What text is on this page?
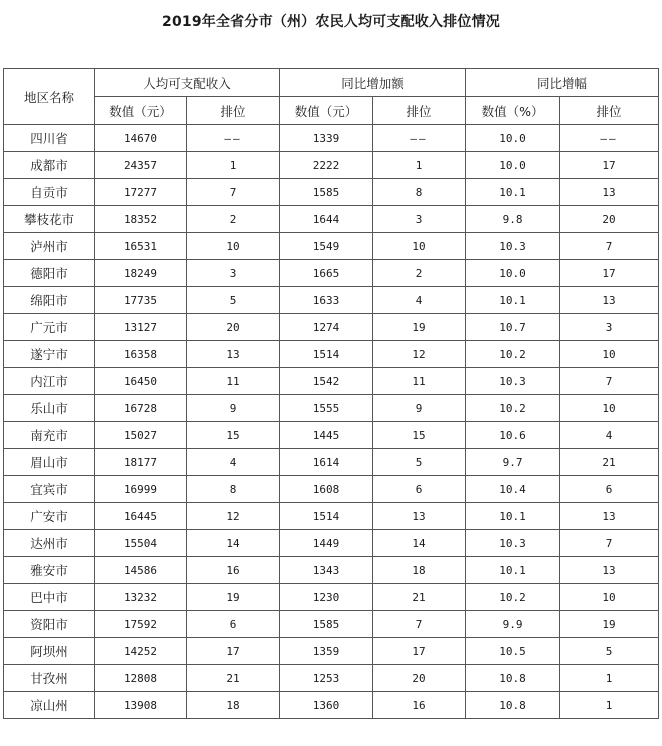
2019年全省分市（州）农民人均可支配收入排位情况
地区名称	人均可支配收入		同比增加额		同比增幅	
	数值（元）	排位	数值（元）	排位	数值（%）	排位
四川省	14670	——	1339	——	10.0	——
成都市	24357	1	2222	1	10.0	17
自贡市	17277	7	1585	8	10.1	13
攀枝花市	18352	2	1644	3	9.8	20
泸州市	16531	10	1549	10	10.3	7
德阳市	18249	3	1665	2	10.0	17
绵阳市	17735	5	1633	4	10.1	13
广元市	13127	20	1274	19	10.7	3
遂宁市	16358	13	1514	12	10.2	10
内江市	16450	11	1542	11	10.3	7
乐山市	16728	9	1555	9	10.2	10
南充市	15027	15	1445	15	10.6	4
眉山市	18177	4	1614	5	9.7	21
宜宾市	16999	8	1608	6	10.4	6
广安市	16445	12	1514	13	10.1	13
达州市	15504	14	1449	14	10.3	7
雅安市	14586	16	1343	18	10.1	13
巴中市	13232	19	1230	21	10.2	10
资阳市	17592	6	1585	7	9.9	19
阿坝州	14252	17	1359	17	10.5	5
甘孜州	12808	21	1253	20	10.8	1
凉山州	13908	18	1360	16	10.8	1
